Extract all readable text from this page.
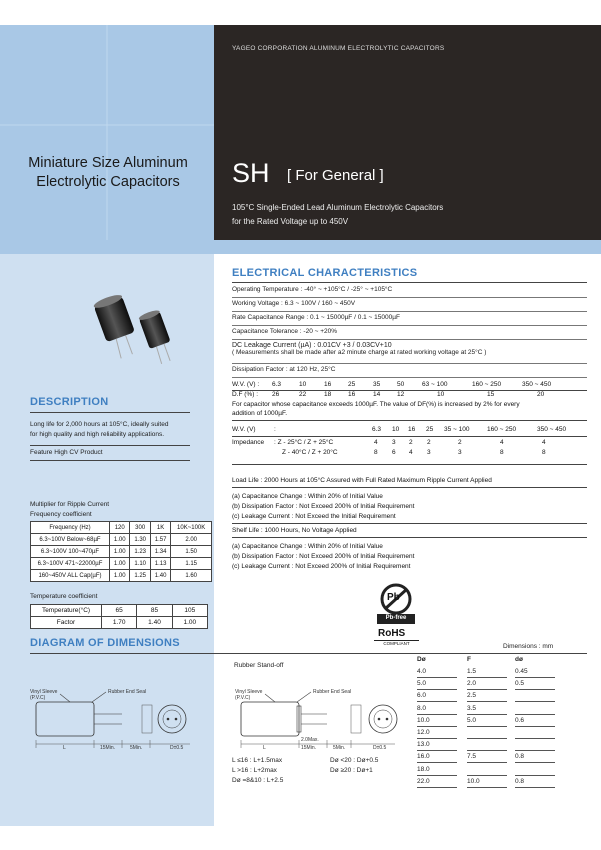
YAGEO CORPORATION ALUMINUM ELECTROLYTIC CAPACITORS
Miniature Size Aluminum
Electrolytic Capacitors	SH [ For General ]
105°C Single-Ended Lead Aluminum Electrolytic Capacitors
for the Rated Voltage up to 450V
DESCRIPTION
Long life for 2,000 hours at 105°C, ideally suited
for high quality and high reliability applications.
Feature High CV Product
Multiplier for Ripple Current
Frequency coefficient
Frequency (Hz)	120	300	1K	10K~100K
6.3~100V Below~68µF	1.00	1.30	1.57	2.00
6.3~100V 100~470µF	1.00	1.23	1.34	1.50
6.3~100V 471~22000µF	1.00	1.10	1.13	1.15
160~450V ALL Cap(µF)	1.00	1.25	1.40	1.60
Temperature coefficient
Temperature(°C)	65	85	105
Factor	1.70	1.40	1.00
ELECTRICAL CHARACTERISTICS
Operating Temperature : -40° ~ +105°C / -25° ~ +105°C
Working Voltage : 6.3 ~ 100V / 160 ~ 450V
Rate Capacitance Range : 0.1 ~ 15000µF / 0.1 ~ 15000µF
Capacitance Tolerance : -20 ~ +20%
DC Leakage Current (µA) : 0.01CV +3 / 0.03CV+10
( Measurements shall be made after a2 minute charge at rated working voltage at 25°C )
Dissipation Factor : at 120 Hz, 25°C
W.V. (V) : 6.3	10	16	25	35	50	63 ~ 100	160 ~ 250	350 ~ 450
D.F (%) : 26	22	18	16	14	12	10	15	20
For capacitor whose capacitance exceeds 1000µF. The value of DF(%) is increased by 2% for every
addition of 1000µF.
W.V. (V)	:	6.3 10 16 25 35 ~ 100	160 ~ 250	350 ~ 450
Impedance : Z - 25°C / Z + 25°C	4 3 2 2	2	4	4
Z - 40°C / Z + 20°C	8 6 4 3	3	8	8
Load Life : 2000 Hours at 105°C Assured with Full Rated Maximum Ripple Current Applied
(a) Capacitance Change : Within 20% of Initial Value
(b) Dissipation Factor : Not Exceed 200% of Initial Requirement
(c) Leakage Current : Not Exceed the Initial Requirement
Shelf Life : 1000 Hours, No Voltage Applied
(a) Capacitance Change : Within 20% of Initial Value
(b) Dissipation Factor : Not Exceed 200% of Initial Requirement
(c) Leakage Current : Not Exceed 200% of Initial Requirement
Pb
Pb-free
RoHS
COMPLIANT
DIAGRAM OF DIMENSIONS	Dimensions : mm
Rubber Stand-off
Vinyl Sleeve
(P.V.C)
Rubber End Seal
L	15Min.	5Min.	D±0.5
Vinyl Sleeve
(P.V.C)
Rubber End Seal
2.0Max.
L	15Min.	5Min.	D±0.5
L ≤16 : L+1.5max
L >16 : L+2max
Dø =8&10 : L+2.5
Dø <20 : Dø+0.5
Dø ≥20 : Dø+1
Dø	F	dø
4.0	1.5	0.45
5.0	2.0	0.5
6.0	2.5
8.0	3.5
10.0	5.0	0.6
12.0
13.0
16.0	7.5	0.8
18.0
22.0	10.0	0.8
